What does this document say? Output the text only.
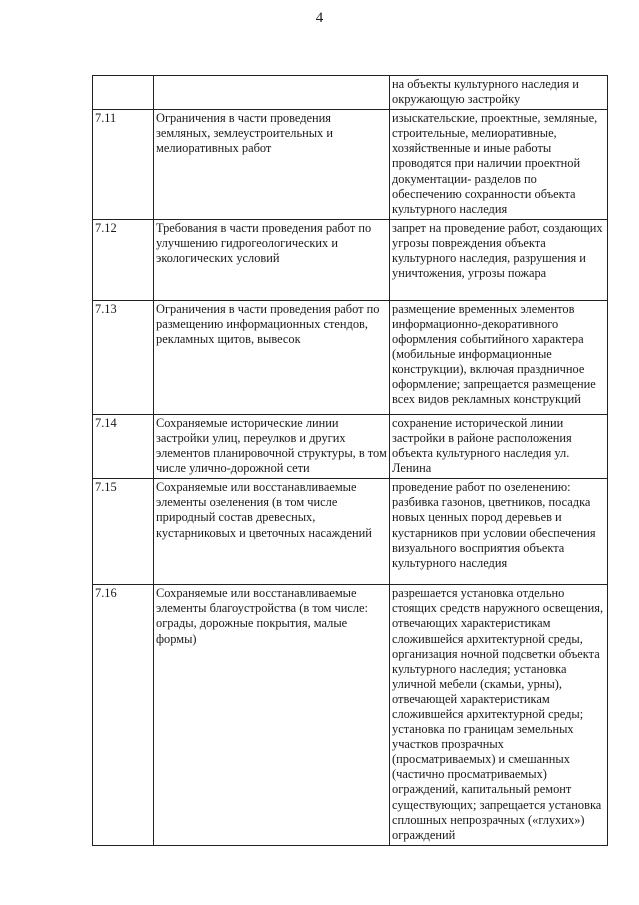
4
		на объекты культурного наследия и окружающую застройку
7.11	Ограничения в части проведения земляных, землеустроительных и мелиоративных работ	изыскательские, проектные, земляные, строительные, мелиоративные, хозяйственные и иные работы проводятся при наличии проектной документации- разделов по обеспечению сохранности объекта культурного наследия
7.12	Требования в части проведения работ по улучшению гидрогеологических и экологических условий	запрет на проведение работ, создающих угрозы повреждения объекта культурного наследия, разрушения и уничтожения, угрозы пожара
7.13	Ограничения в части проведения работ по размещению информационных стендов, рекламных щитов, вывесок	размещение временных элементов информационно-декоративного оформления событийного характера (мобильные информационные конструкции), включая праздничное оформление; запрещается размещение всех видов рекламных конструкций
7.14	Сохраняемые исторические линии застройки улиц, переулков и других элементов планировочной структуры, в том числе улично-дорожной сети	сохранение исторической линии застройки в районе расположения объекта культурного наследия ул. Ленина
7.15	Сохраняемые или восстанавливаемые элементы озеленения (в том числе природный состав древесных, кустарниковых и цветочных насаждений	проведение работ по озеленению: разбивка газонов, цветников, посадка новых ценных пород деревьев и кустарников при условии обеспечения визуального восприятия объекта культурного наследия
7.16	Сохраняемые или восстанавливаемые элементы благоустройства (в том числе: ограды, дорожные покрытия, малые формы)	разрешается установка отдельно стоящих средств наружного освещения, отвечающих характеристикам сложившейся архитектурной среды, организация ночной подсветки объекта культурного наследия; установка уличной мебели (скамьи, урны), отвечающей характеристикам сложившейся архитектурной среды; установка по границам земельных участков прозрачных (просматриваемых) и смешанных (частично просматриваемых) ограждений, капитальный ремонт существующих; запрещается установка сплошных непрозрачных («глухих») ограждений
